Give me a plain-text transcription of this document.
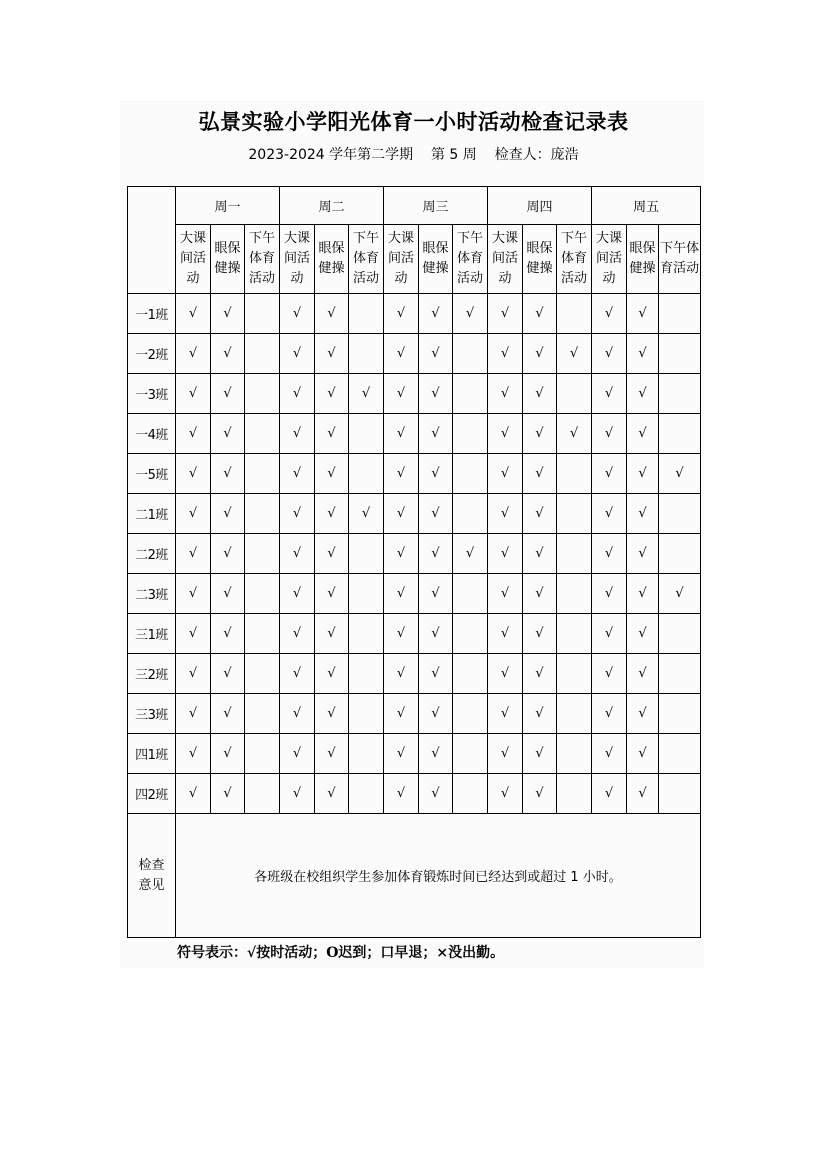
弘景实验小学阳光体育一小时活动检查记录表
2023-2024 学年第二学期 第 5 周 检查人：庞浩
	周一			周二			周三			周四			周五		

	大课
间活
动	眼保
健操	下午
体育
活动	大课
间活
动	眼保
健操	下午
体育
活动	大课
间活
动	眼保
健操	下午
体育
活动	大课
间活
动	眼保
健操	下午
体育
活动	大课
间活
动	眼保
健操	下午体
育活动

一1班	√	√		√	√		√	√	√	√	√		√	√	
一2班	√	√		√	√		√	√		√	√	√	√	√	
一3班	√	√		√	√	√	√	√		√	√		√	√	
一4班	√	√		√	√		√	√		√	√	√	√	√	
一5班	√	√		√	√		√	√		√	√		√	√	√
二1班	√	√		√	√	√	√	√		√	√		√	√	
二2班	√	√		√	√		√	√	√	√	√		√	√	
二3班	√	√		√	√		√	√		√	√		√	√	√
三1班	√	√		√	√		√	√		√	√		√	√	
三2班	√	√		√	√		√	√		√	√		√	√	
三3班	√	√		√	√		√	√		√	√		√	√	
四1班	√	√		√	√		√	√		√	√		√	√	
四2班	√	√		√	√		√	√		√	√		√	√	

检查
意见	各班级在校组织学生参加体育锻炼时间已经达到或超过 1 小时。														
符号表示：√按时活动；O迟到；口早退；×没出勤。
